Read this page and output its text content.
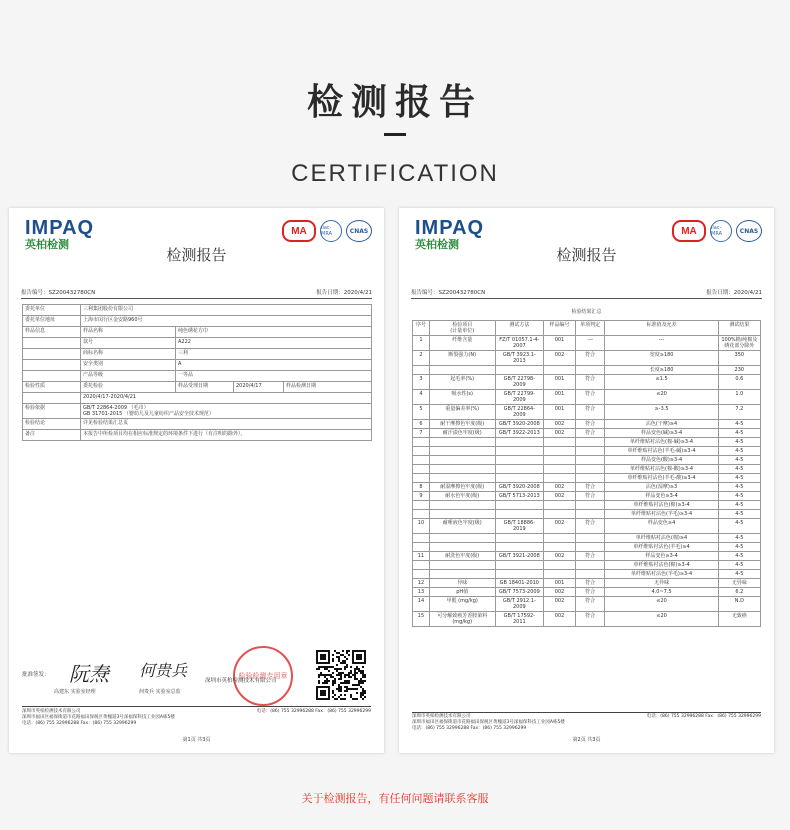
检测报告
CERTIFICATION
IMPAQ
英柏检测
MA	ilac-MRA	CNAS
检测报告
报告编号：SZ200432780CN	报告日期：2020/4/21
委托单位	三利集团股份有限公司			
委托单位地址	上海市闵行区金安路960号			
样品信息	样品名称	纯色绣花方巾		
	款号	A222		
	商标名称	三利		
	安全类别	A		
	产品等级	一等品		
检验性质	委托检验	样品受理日期	2020/4/17	样品检测日期
	2020/4/17-2020/4/21			
检验依据	GB/T 22864-2009 （毛巾）
GB 31701-2015 （婴幼儿及儿童纺织产品安全技术规范）			
检验结论	详见检验结果汇总页			
备注	本报告中所检项目均在相应标准规定的环境条件下进行（有注明的除外）。			
批准签发： 阮焘 何贵兵
高建东 实验室经理	何贵兵 实验室总监
检验检测专用章
深圳市英柏检测技术有限公司
深圳市英柏检测技术有限公司
深圳市福田区福保街道市花路福田保税区黄槐道3号深福保科技工业园A栋5楼
电话：(86) 755 32996288 Fax：(86) 755 32996299
电话：(86) 755 32996288 Fax：(86) 755 32996299
第1页 共3页
IMPAQ
英柏检测
MA	ilac-MRA	CNAS
检测报告
报告编号：SZ200432780CN	报告日期：2020/4/21
检验结果汇总
序号	检验项目
(计量单位)	测试方法	样品编号	单项判定	标准值及允差	测试结果
1	纤维含量	FZ/T 01057.1-4-2007	001	---	---	100%棉/纯棉及绣花部分除外
2	断裂强力(N)	GB/T 3923.1-2013	002	符合	宽度≥180	350
					长度≥180	230
3	起毛率(%)	GB/T 22798-2009	001	符合	≤1.5	0.6
4	吸水性(s)	GB/T 22799-2009	001	符合	≤20	1.0
5	重量偏差率(%)	GB/T 22864-2009	001	符合	≥-3.5	7.2
6	耐干摩擦色牢度(级)	GB/T 3920-2008	002	符合	沾色(干摩)≥4	4-5
7	耐汗渍色牢度(级)	GB/T 3922-2013	002	符合	样品变色(碱)≥3-4	4-5
					单纤维贴衬沾色(棉-碱)≥3-4	4-5
					单纤维贴衬沾色(羊毛-碱)≥3-4	4-5
					样品变色(酸)≥3-4	4-5
					单纤维贴衬沾色(棉-酸)≥3-4	4-5
					单纤维贴衬沾色(羊毛-酸)≥3-4	4-5
8	耐湿摩擦色牢度(级)	GB/T 3920-2008	002	符合	沾色(湿摩)≥3	4-5
9	耐水色牢度(级)	GB/T 5713-2013	002	符合	样品变色≥3-4	4-5
					单纤维贴衬沾色(棉)≥3-4	4-5
					单纤维贴衬沾色(羊毛)≥3-4	4-5
10	耐唾液色牢度(级)	GB/T 18886-2019	002	符合	样品变色≥4	4-5
					单纤维贴衬沾色(棉)≥4	4-5
					单纤维贴衬沾色(羊毛)≥4	4-5
11	耐洗色牢度(级)	GB/T 3921-2008	002	符合	样品变色≥3-4	4-5
					单纤维贴衬沾色(棉)≥3-4	4-5
					单纤维贴衬沾色(羊毛)≥3-4	4-5
12	异味	GB 18401-2010	001	符合	无异味	无异味
13	pH值	GB/T 7573-2009	002	符合	4.0~7.5	6.2
14	甲醛 (mg/kg)	GB/T 2912.1-2009	002	符合	≤20	N.D
15	可分解致癌芳香胺染料 (mg/kg)	GB/T 17592-2011	002	符合	≤20	无致癌
深圳市英柏检测技术有限公司
深圳市福田区福保街道市花路福田保税区黄槐道3号深福保科技工业园A栋5楼
电话：(86) 755 32996288 Fax：(86) 755 32996299
电话：(86) 755 32996288 Fax：(86) 755 32996299
第2页 共3页
关于检测报告，有任何问题请联系客服
